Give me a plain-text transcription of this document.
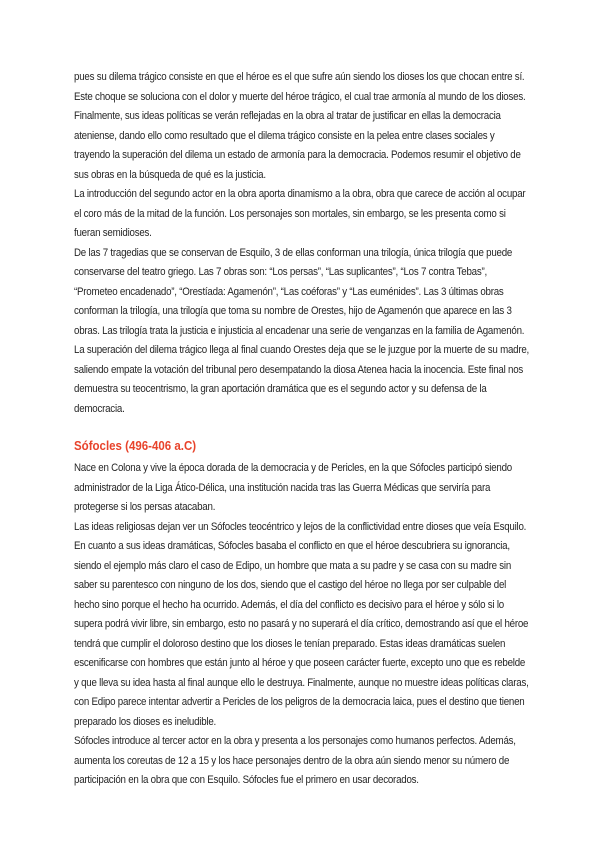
pues su dilema trágico consiste en que el héroe es el que sufre aún siendo los dioses los que chocan entre sí. Este choque se soluciona con el dolor y muerte del héroe trágico, el cual trae armonía al mundo de los dioses.

Finalmente, sus ideas políticas se verán reflejadas en la obra al tratar de justificar en ellas la democracia ateniense, dando ello como resultado que el dilema trágico consiste en la pelea entre clases sociales y trayendo la superación del dilema un estado de armonía para la democracia. Podemos resumir el objetivo de sus obras en la búsqueda de qué es la justicia.

La introducción del segundo actor en la obra aporta dinamismo a la obra, obra que carece de acción al ocupar el coro más de la mitad de la función. Los personajes son mortales, sin embargo, se les presenta como si fueran semidioses.

De las 7 tragedias que se conservan de Esquilo, 3 de ellas conforman una trilogía, única trilogía que puede conservarse del teatro griego. Las 7 obras son: “Los persas”, “Las suplicantes”, “Los 7 contra Tebas”, “Prometeo encadenado”, “Orestíada: Agamenón”, “Las coéforas” y “Las euménides”. Las 3 últimas obras conforman la trilogía, una trilogía que toma su nombre de Orestes, hijo de Agamenón que aparece en las 3 obras. Las trilogía trata la justicia e injusticia al encadenar una serie de venganzas en la familia de Agamenón. La superación del dilema trágico llega al final cuando Orestes deja que se le juzgue por la muerte de su madre, saliendo empate la votación del tribunal pero desempatando la diosa Atenea hacia la inocencia. Este final nos demuestra su teocentrismo, la gran aportación dramática que es el segundo actor y su defensa de la democracia.

Sófocles (496-406 a.C)

Nace en Colona y vive la época dorada de la democracia y de Pericles, en la que Sófocles participó siendo administrador de la Liga Ático-Délica, una institución nacida tras las Guerra Médicas que serviría para protegerse si los persas atacaban.

Las ideas religiosas dejan ver un Sófocles teocéntrico y lejos de la conflictividad entre dioses que veía Esquilo. En cuanto a sus ideas dramáticas, Sófocles basaba el conflicto en que el héroe descubriera su ignorancia, siendo el ejemplo más claro el caso de Edipo, un hombre que mata a su padre y se casa con su madre sin saber su parentesco con ninguno de los dos, siendo que el castigo del héroe no llega por ser culpable del hecho sino porque el hecho ha ocurrido. Además, el día del conflicto es decisivo para el héroe y sólo si lo supera podrá vivir libre, sin embargo, esto no pasará y no superará el día crítico, demostrando así que el héroe tendrá que cumplir el doloroso destino que los dioses le tenían preparado. Estas ideas dramáticas suelen escenificarse con hombres que están junto al héroe y que poseen carácter fuerte, excepto uno que es rebelde y que lleva su idea hasta al final aunque ello le destruya. Finalmente, aunque no muestre ideas políticas claras, con Edipo parece intentar advertir a Pericles de los peligros de la democracia laica, pues el destino que tienen preparado los dioses es ineludible.

Sófocles introduce al tercer actor en la obra y presenta a los personajes como humanos perfectos. Además, aumenta los coreutas de 12 a 15 y los hace personajes dentro de la obra aún siendo menor su número de participación en la obra que con Esquilo. Sófocles fue el primero en usar decorados.
